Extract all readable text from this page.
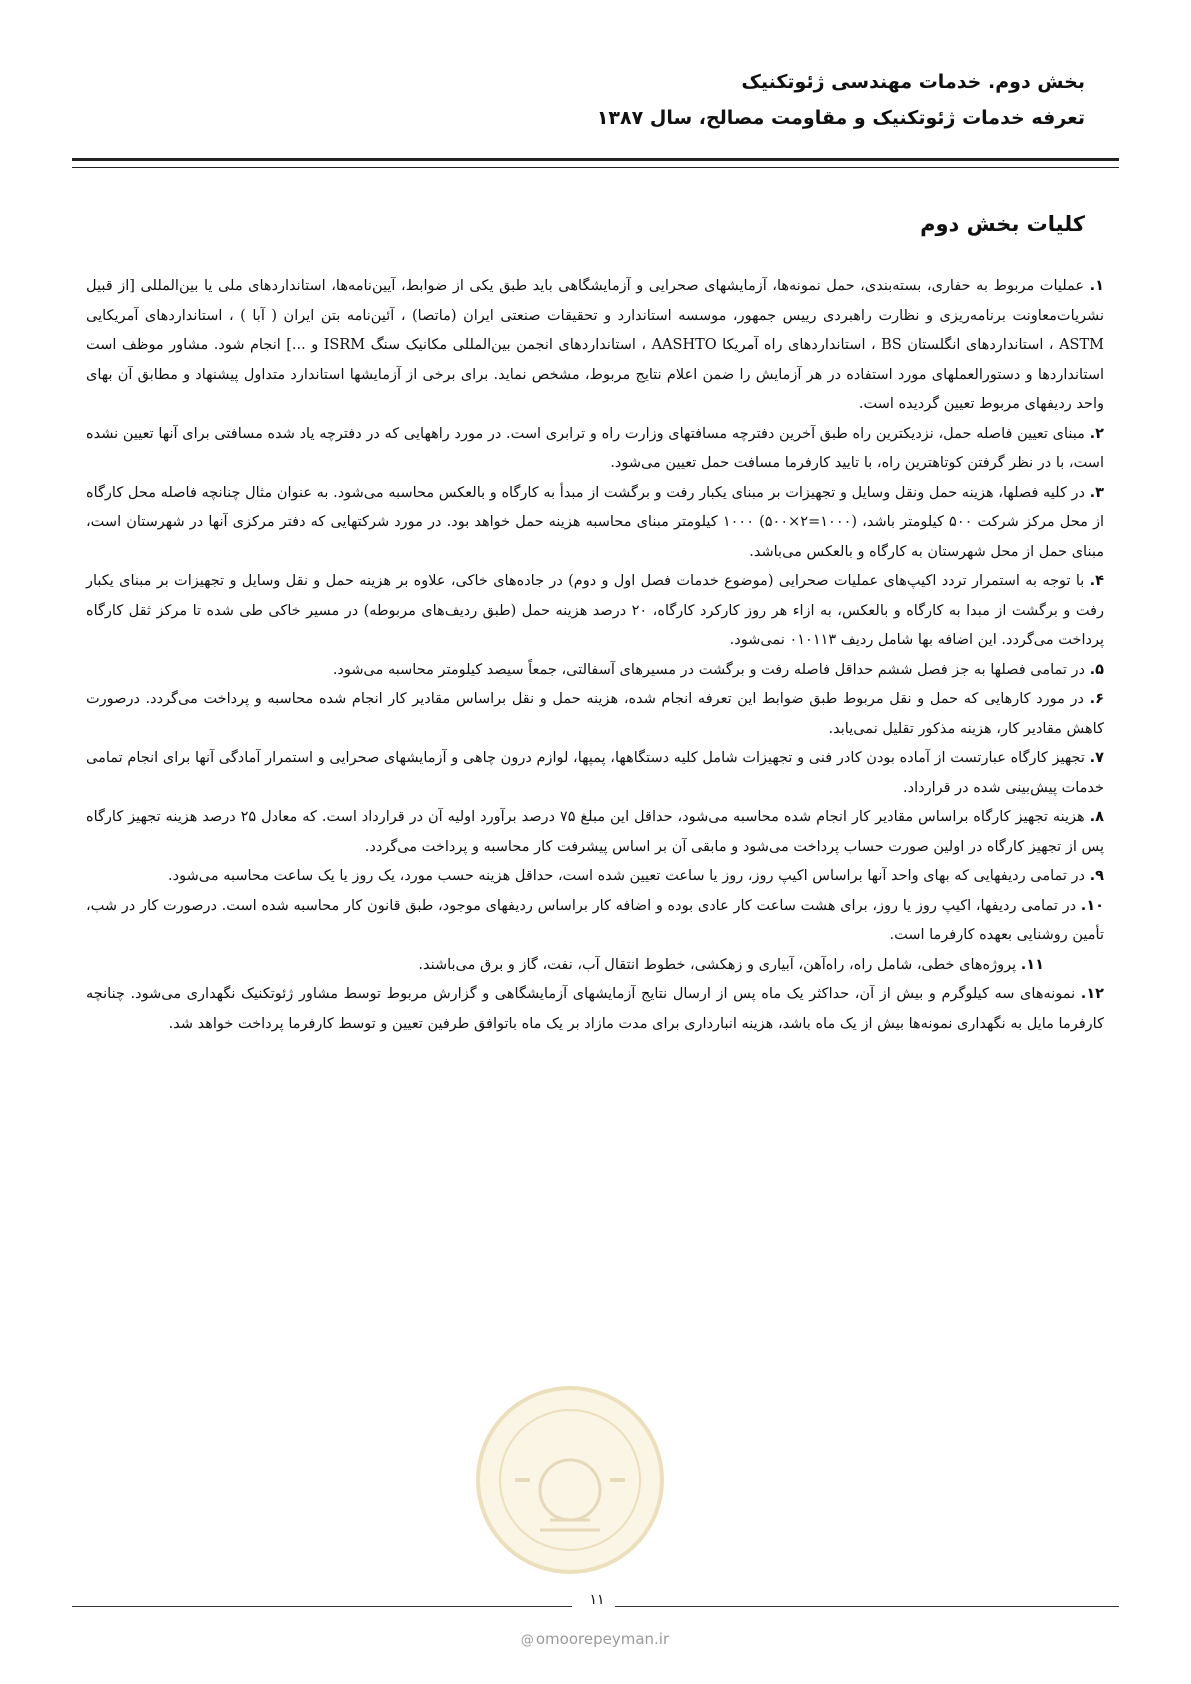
بخش دوم. خدمات مهندسی ژئوتکنیک
تعرفه خدمات ژئوتکنیک و مقاومت مصالح، سال ۱۳۸۷
کلیات بخش دوم

۱. عملیات مربوط به حفاری، بسته‌بندی، حمل نمونه‌ها، آزمایشهای صحرایی و آزمایشگاهی باید طبق یکی از ضوابط، آیین‌نامه‌ها، استانداردهای ملی یا بین‌المللی [از قبیل نشریات‌معاونت برنامه‌ریزی و نظارت راهبردی رییس جمهور، موسسه استاندارد و تحقیقات صنعتی ایران (ماتصا) ، آئین‌نامه بتن ایران ( آبا ) ، استانداردهای آمریکایی ASTM ، استانداردهای انگلستان BS ، استانداردهای راه آمریکا AASHTO ، استانداردهای انجمن بین‌المللی مکانیک سنگ ISRM و ...] انجام شود. مشاور موظف است استانداردها و دستورالعملهای مورد استفاده در هر آزمایش را ضمن اعلام نتایج مربوط، مشخص نماید. برای برخی از آزمایشها استاندارد متداول پیشنهاد و مطابق آن بهای واحد ردیفهای مربوط تعیین گردیده است.

۲. مبنای تعیین فاصله حمل، نزدیکترین راه طبق آخرین دفترچه مسافتهای وزارت راه و ترابری است. در مورد راههایی که در دفترچه یاد شده مسافتی برای آنها تعیین نشده است، با در نظر گرفتن کوتاهترین راه، با تایید کارفرما مسافت حمل تعیین می‌شود.

۳. در کلیه فصلها، هزینه حمل ونقل وسایل و تجهیزات بر مبنای یکبار رفت و برگشت از مبدأ به کارگاه و بالعکس محاسبه می‌شود. به عنوان مثال چنانچه فاصله محل کارگاه از محل مرکز شرکت ۵۰۰ کیلومتر باشد، (۱۰۰۰=۲×۵۰۰) ۱۰۰۰ کیلومتر مبنای محاسبه هزینه حمل خواهد بود. در مورد شرکتهایی که دفتر مرکزی آنها در شهرستان است، مبنای حمل از محل شهرستان به کارگاه و بالعکس می‌باشد.

۴. با توجه به استمرار تردد اکیپ‌های عملیات صحرایی (موضوع خدمات فصل اول و دوم) در جاده‌های خاکی، علاوه بر هزینه حمل و نقل وسایل و تجهیزات بر مبنای یکبار رفت و برگشت از مبدا به کارگاه و بالعکس، به ازاء هر روز کارکرد کارگاه، ۲۰ درصد هزینه حمل (طبق ردیف‌های مربوطه) در مسیر خاکی طی شده تا مرکز ثقل کارگاه پرداخت می‌گردد. این اضافه بها شامل ردیف ۰۱۰۱۱۳ نمی‌شود.

۵. در تمامی فصلها به جز فصل ششم حداقل فاصله رفت و برگشت در مسیرهای آسفالتی، جمعاً سیصد کیلومتر محاسبه می‌شود.

۶. در مورد کارهایی که حمل و نقل مربوط طبق ضوابط این تعرفه انجام شده، هزینه حمل و نقل براساس مقادیر کار انجام شده محاسبه و پرداخت می‌گردد. درصورت کاهش مقادیر کار، هزینه مذکور تقلیل نمی‌یابد.

۷. تجهیز کارگاه عبارتست از آماده بودن کادر فنی و تجهیزات شامل کلیه دستگاهها، پمپها، لوازم درون چاهی و آزمایشهای صحرایی و استمرار آمادگی آنها برای انجام تمامی خدمات پیش‌بینی شده در قرارداد.

۸. هزینه تجهیز کارگاه براساس مقادیر کار انجام شده محاسبه می‌شود، حداقل این مبلغ ۷۵ درصد برآورد اولیه آن در قرارداد است. که معادل ۲۵ درصد هزینه تجهیز کارگاه پس از تجهیز کارگاه در اولین صورت حساب پرداخت می‌شود و مابقی آن بر اساس پیشرفت کار محاسبه و پرداخت می‌گردد.

۹. در تمامی ردیفهایی که بهای واحد آنها براساس اکیپ روز، روز یا ساعت تعیین شده است، حداقل هزینه حسب مورد، یک روز یا یک ساعت محاسبه می‌شود.

۱۰. در تمامی ردیفها، اکیپ روز یا روز، برای هشت ساعت کار عادی بوده و اضافه کار براساس ردیفهای موجود، طبق قانون کار محاسبه شده است. درصورت کار در شب، تأمین روشنایی بعهده کارفرما است.

۱۱. پروژه‌های خطی، شامل راه، راه‌آهن، آبیاری و زهکشی، خطوط انتقال آب، نفت، گاز و برق می‌باشند.

۱۲. نمونه‌های سه کیلوگرم و بیش از آن، حداکثر یک ماه پس از ارسال نتایج آزمایشهای آزمایشگاهی و گزارش مربوط توسط مشاور ژئوتکنیک نگهداری می‌شود. چنانچه کارفرما مایل به نگهداری نمونه‌ها بیش از یک ماه باشد، هزینه انبارداری برای مدت مازاد بر یک ماه باتوافق طرفین تعیین و توسط کارفرما پرداخت خواهد شد.

۱۱
@ omoorepeyman.ir
